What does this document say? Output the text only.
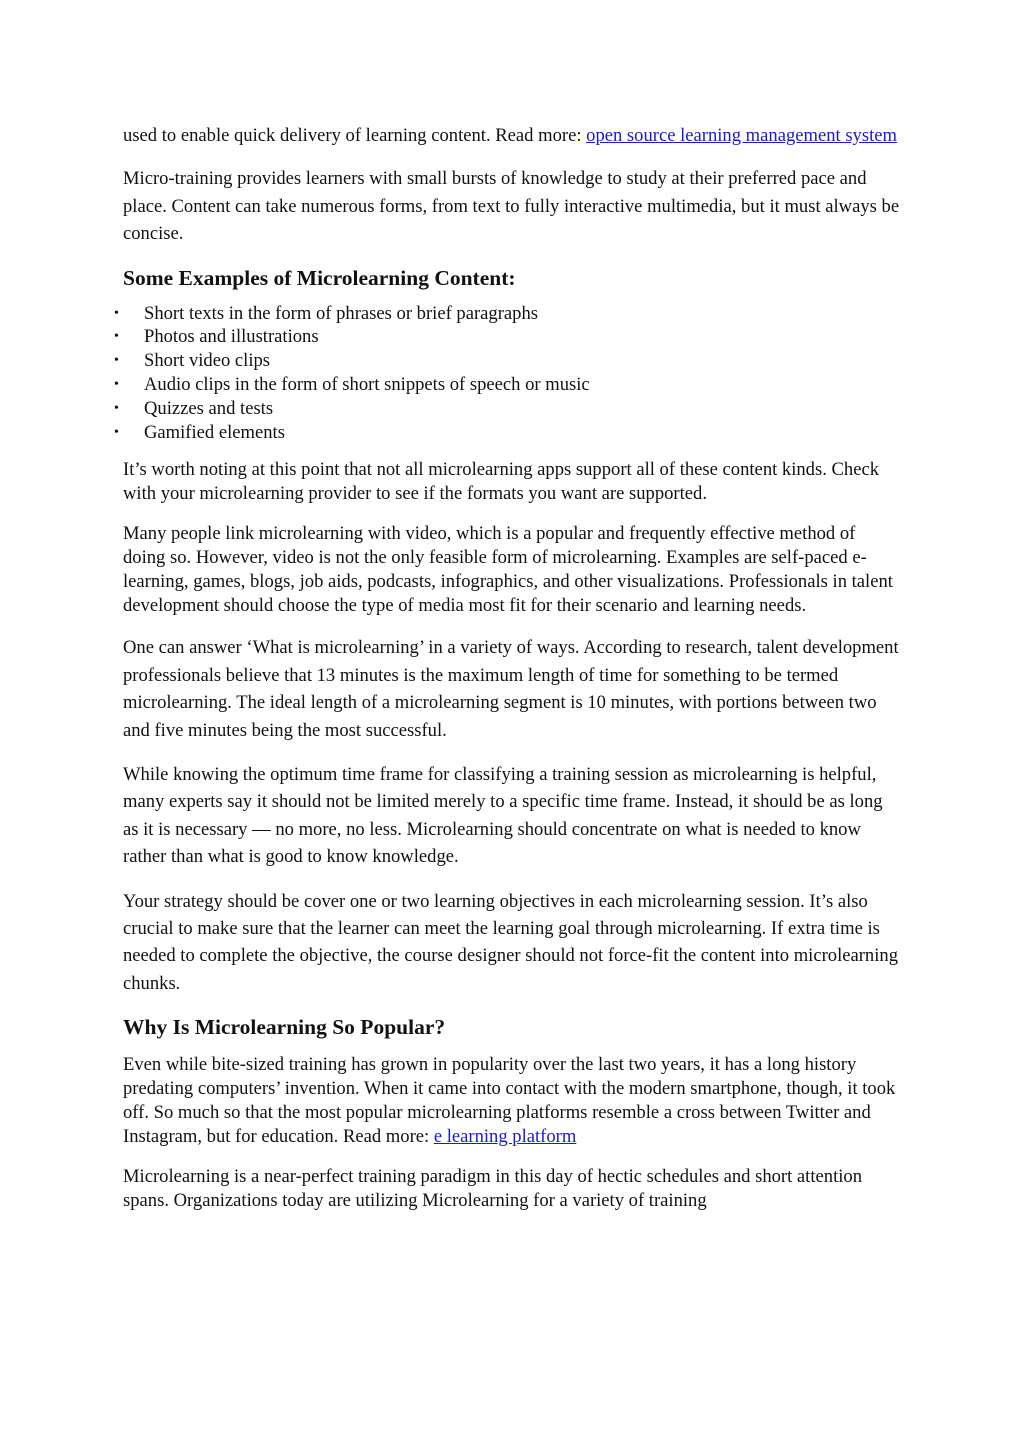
used to enable quick delivery of learning content. Read more: open source learning management system

Micro-training provides learners with small bursts of knowledge to study at their preferred pace and place. Content can take numerous forms, from text to fully interactive multimedia, but it must always be concise.

Some Examples of Microlearning Content:
• Short texts in the form of phrases or brief paragraphs
• Photos and illustrations
• Short video clips
• Audio clips in the form of short snippets of speech or music
• Quizzes and tests
• Gamified elements

It’s worth noting at this point that not all microlearning apps support all of these content kinds. Check with your microlearning provider to see if the formats you want are supported.

Many people link microlearning with video, which is a popular and frequently effective method of doing so. However, video is not the only feasible form of microlearning. Examples are self-paced e-learning, games, blogs, job aids, podcasts, infographics, and other visualizations. Professionals in talent development should choose the type of media most fit for their scenario and learning needs.

One can answer ‘What is microlearning’ in a variety of ways. According to research, talent development professionals believe that 13 minutes is the maximum length of time for something to be termed microlearning. The ideal length of a microlearning segment is 10 minutes, with portions between two and five minutes being the most successful.

While knowing the optimum time frame for classifying a training session as microlearning is helpful, many experts say it should not be limited merely to a specific time frame. Instead, it should be as long as it is necessary — no more, no less. Microlearning should concentrate on what is needed to know rather than what is good to know knowledge.

Your strategy should be cover one or two learning objectives in each microlearning session. It’s also crucial to make sure that the learner can meet the learning goal through microlearning. If extra time is needed to complete the objective, the course designer should not force-fit the content into microlearning chunks.

Why Is Microlearning So Popular?

Even while bite-sized training has grown in popularity over the last two years, it has a long history predating computers’ invention. When it came into contact with the modern smartphone, though, it took off. So much so that the most popular microlearning platforms resemble a cross between Twitter and Instagram, but for education. Read more: e learning platform

Microlearning is a near-perfect training paradigm in this day of hectic schedules and short attention spans. Organizations today are utilizing Microlearning for a variety of training
